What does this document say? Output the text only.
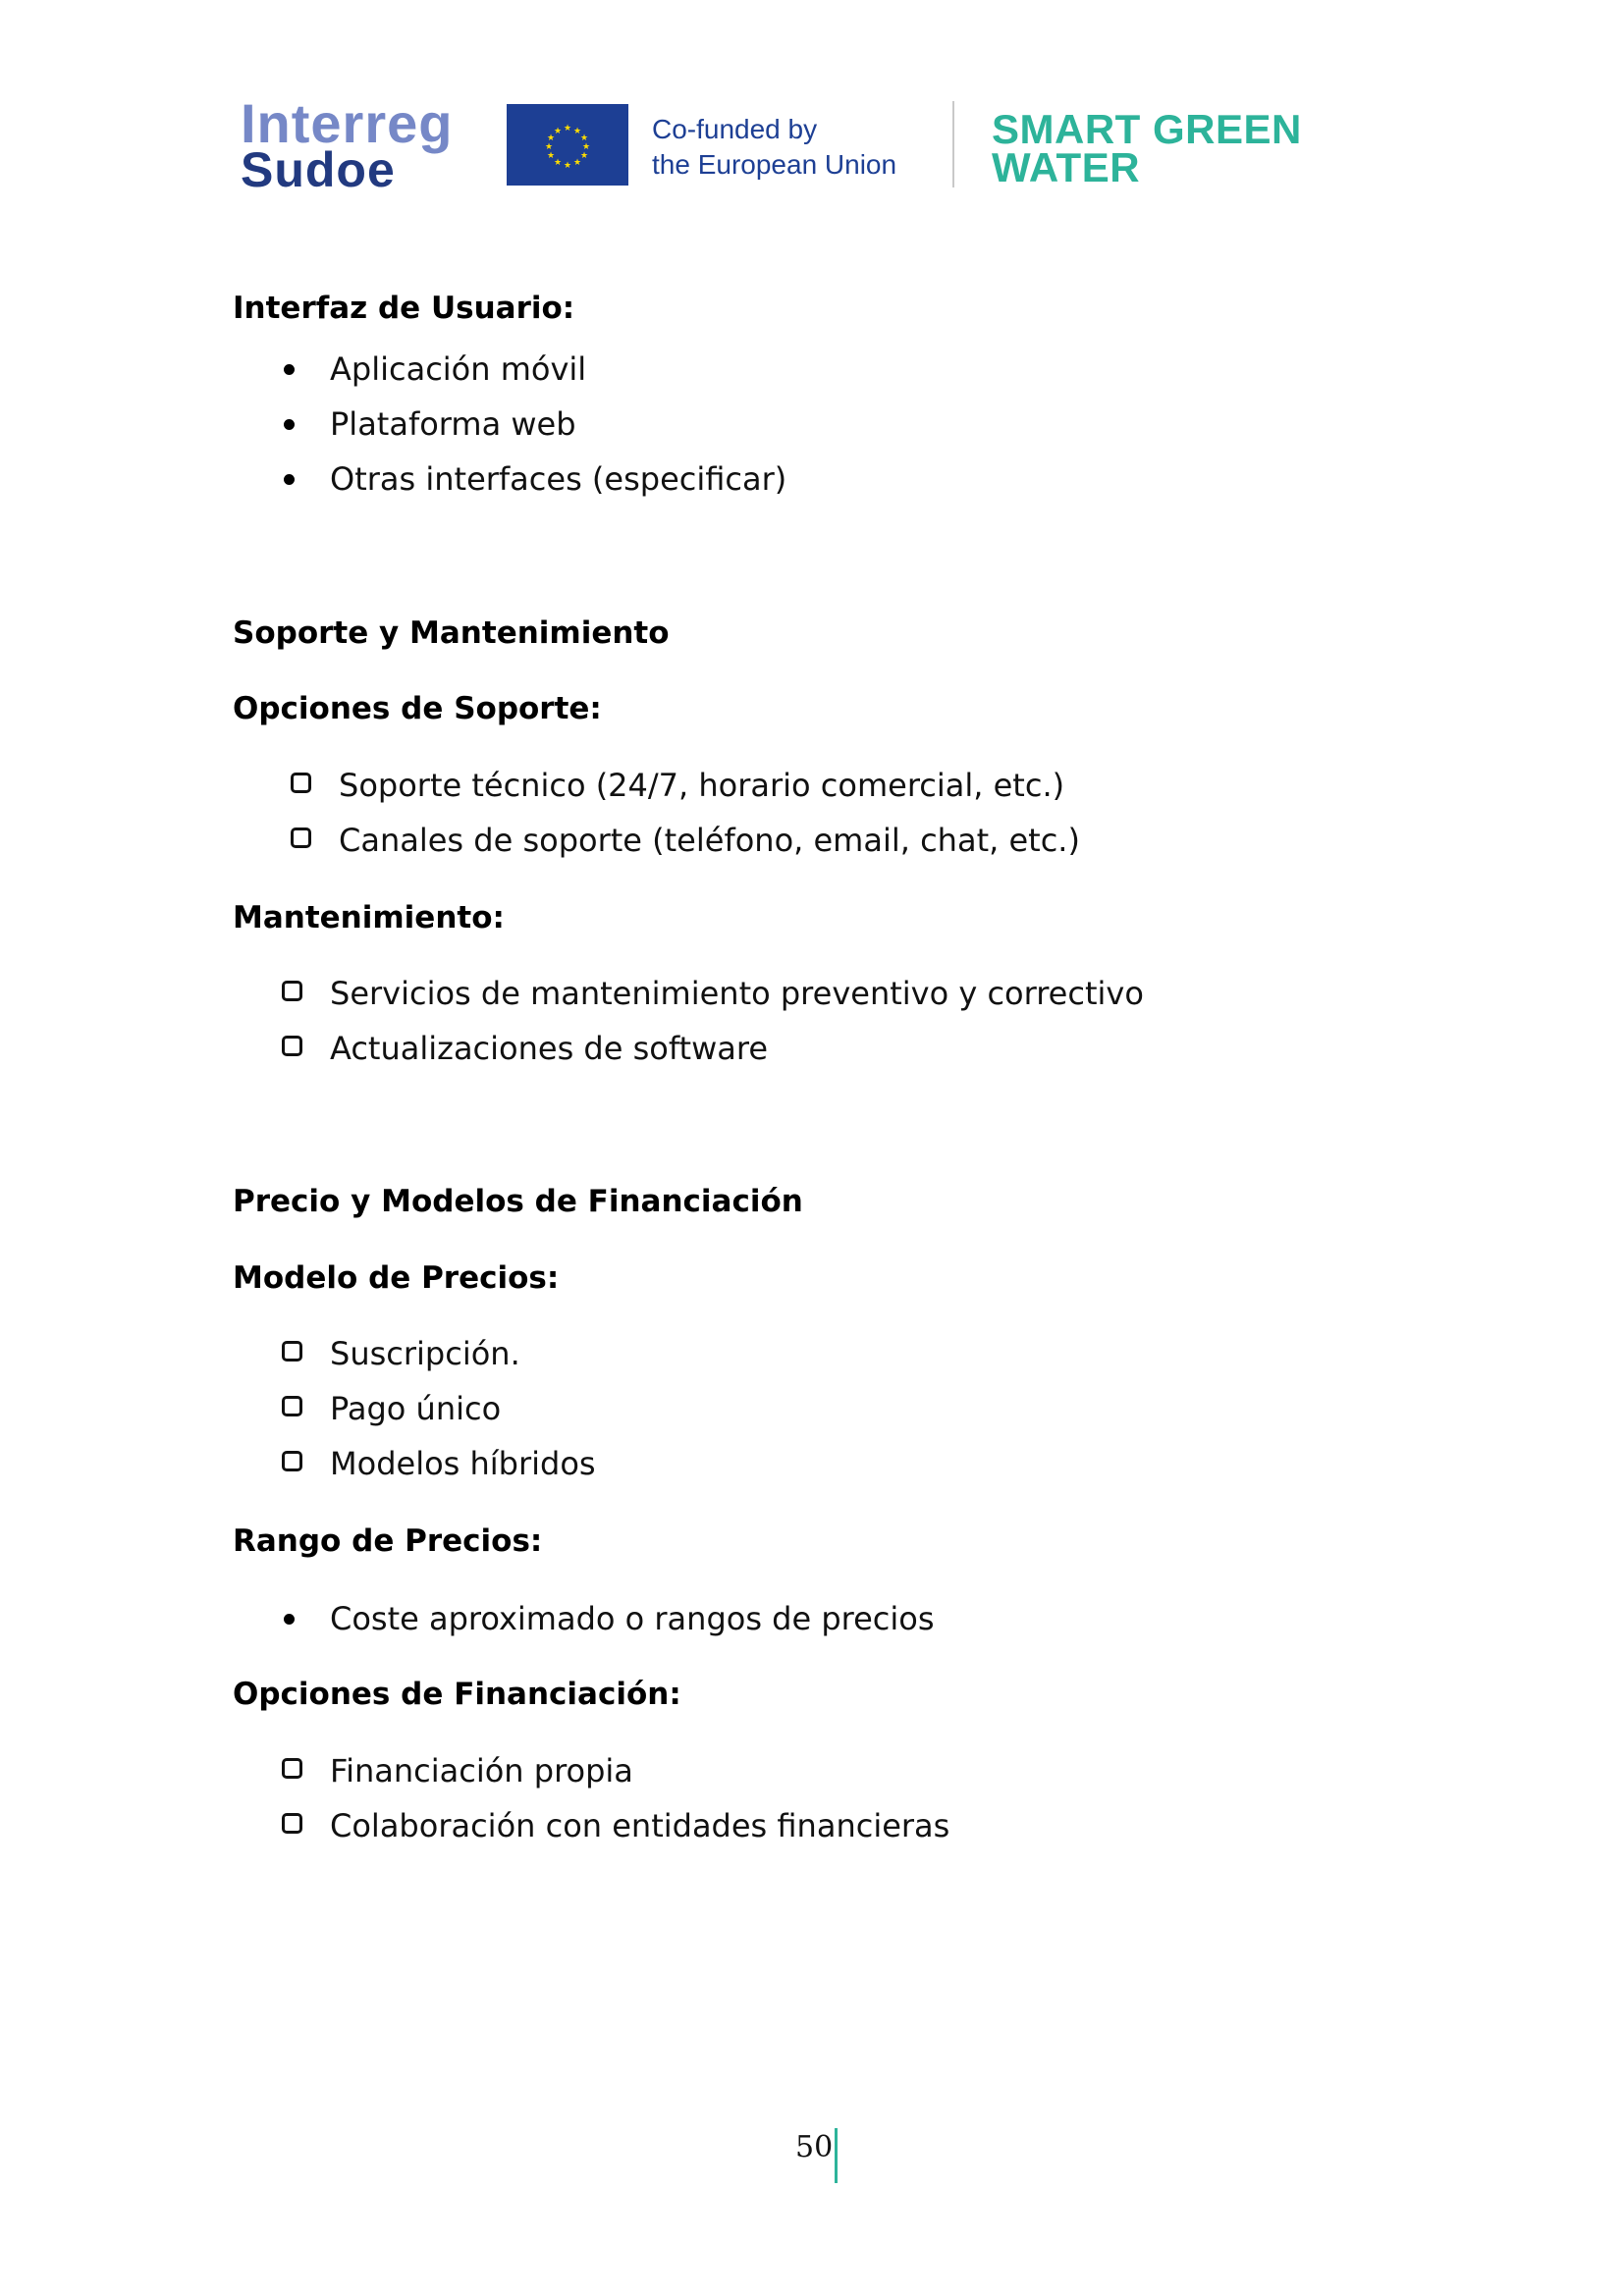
Interreg
Sudoe
★ ★
★
★
★
★
★
★
★
★
★
★	Co-funded by
the European Union
SMART GREEN
WATER
Interfaz de Usuario:
Aplicación móvil
Plataforma web
Otras interfaces (especificar)
Soporte y Mantenimiento
Opciones de Soporte:
Soporte técnico (24/7, horario comercial, etc.)
Canales de soporte (teléfono, email, chat, etc.)
Mantenimiento:
Servicios de mantenimiento preventivo y correctivo
Actualizaciones de software
Precio y Modelos de Financiación
Modelo de Precios:
Suscripción.
Pago único
Modelos híbridos
Rango de Precios:
Coste aproximado o rangos de precios
Opciones de Financiación:
Financiación propia
Colaboración con entidades financieras
50
